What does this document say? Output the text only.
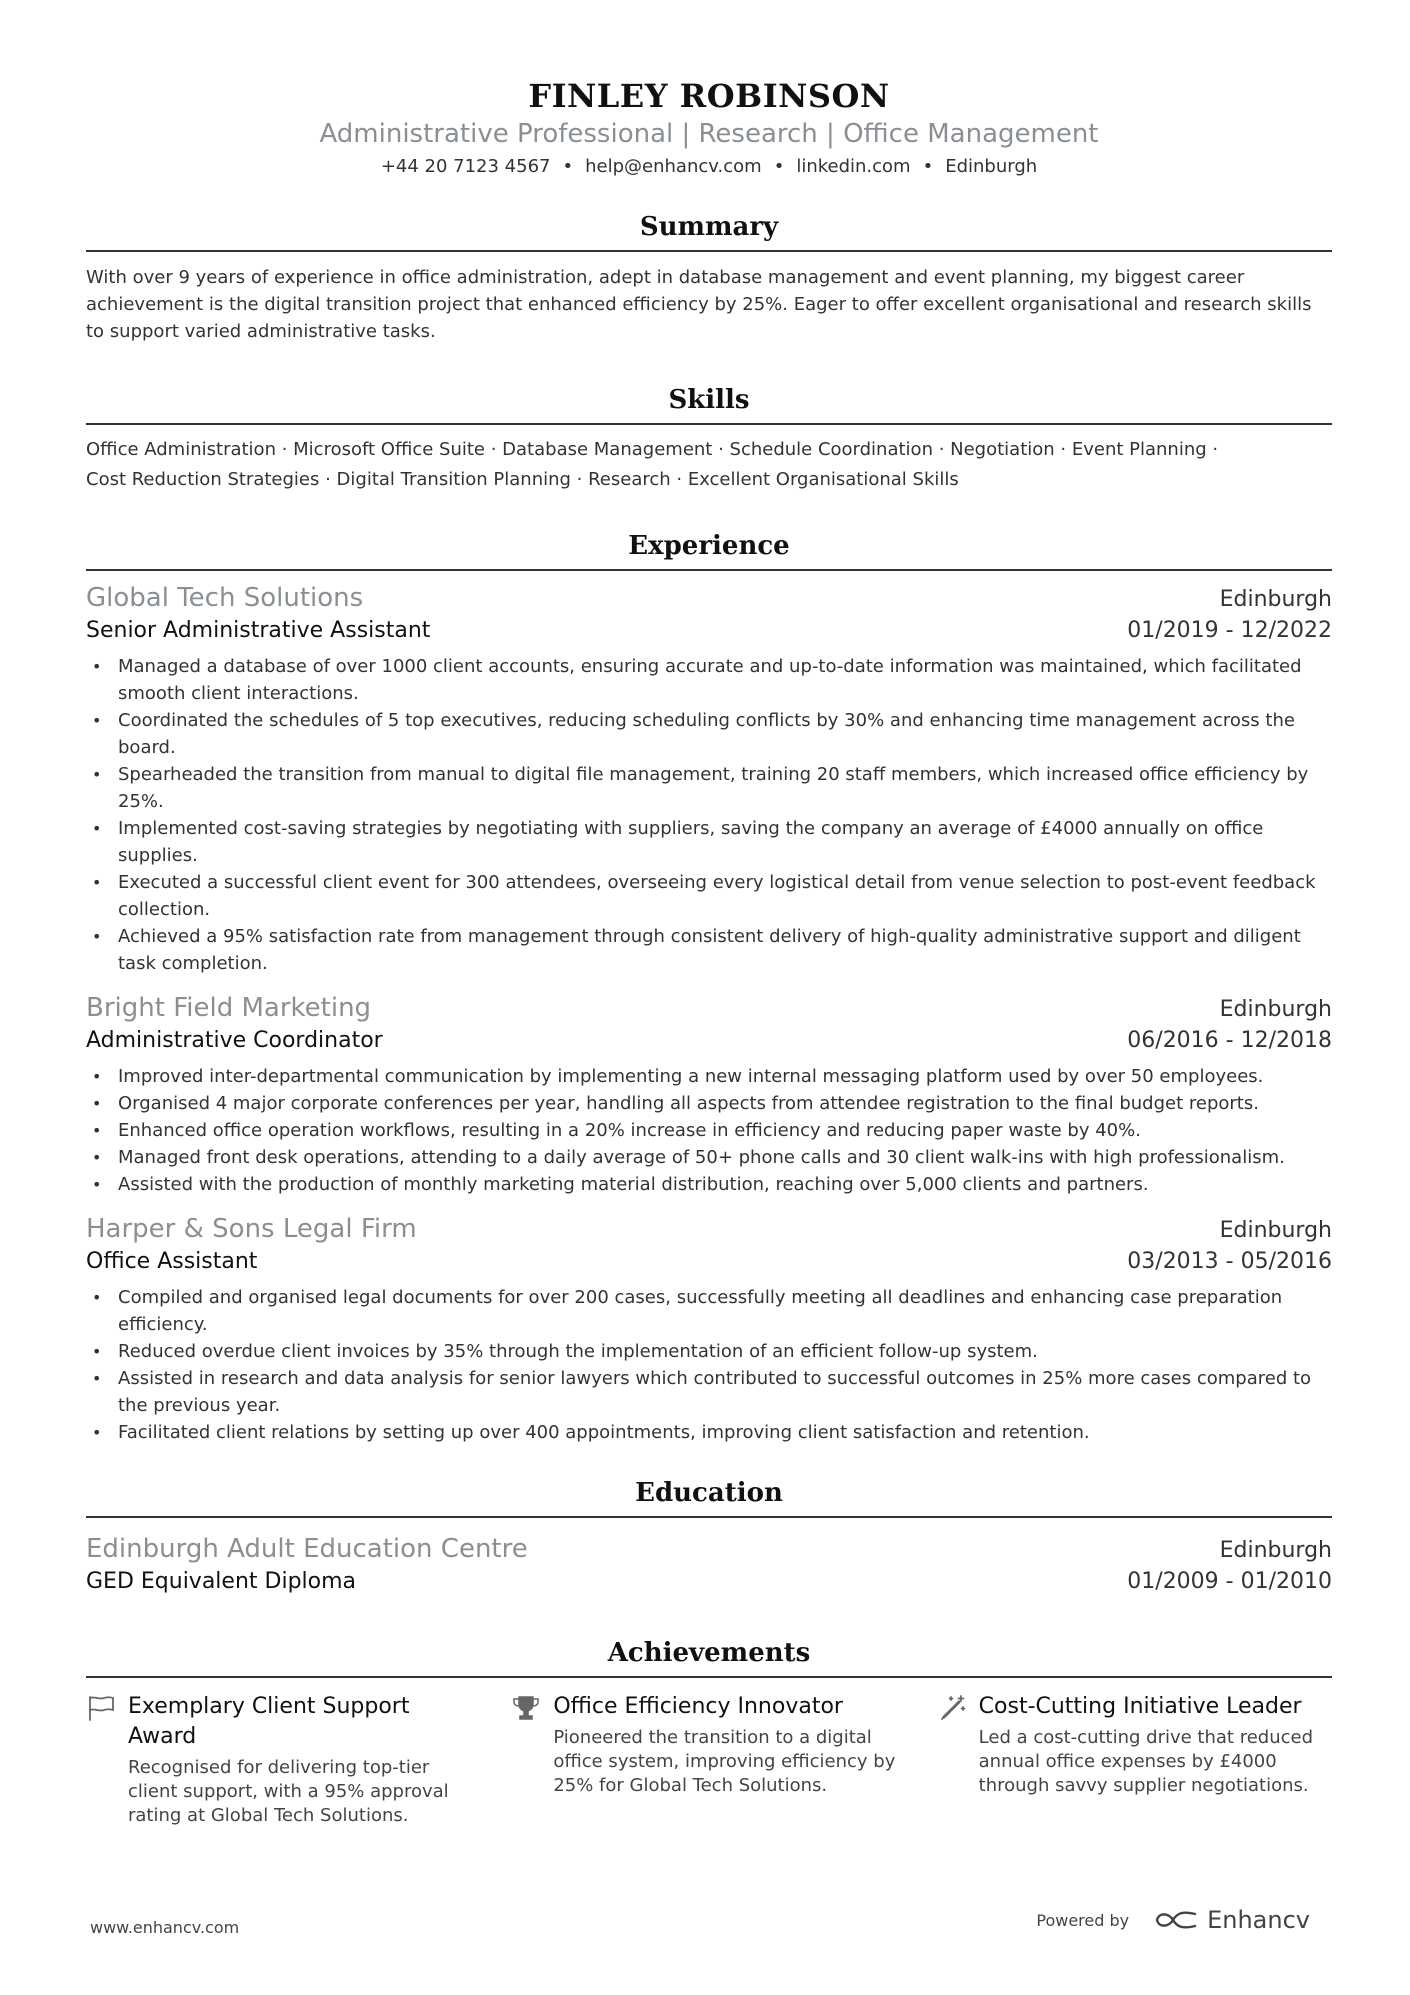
FINLEY ROBINSON
Administrative Professional | Research | Office Management
+44 20 7123 4567 • help@enhancv.com • linkedin.com • Edinburgh
Summary
With over 9 years of experience in office administration, adept in database management and event planning, my biggest career achievement is the digital transition project that enhanced efficiency by 25%. Eager to offer excellent organisational and research skills to support varied administrative tasks.
Skills
Office Administration · Microsoft Office Suite · Database Management · Schedule Coordination · Negotiation · Event Planning ·
Cost Reduction Strategies · Digital Transition Planning · Research · Excellent Organisational Skills
Experience
Global Tech Solutions	Edinburgh
Senior Administrative Assistant	01/2019 - 12/2022
• Managed a database of over 1000 client accounts, ensuring accurate and up-to-date information was maintained, which facilitated smooth client interactions.
• Coordinated the schedules of 5 top executives, reducing scheduling conflicts by 30% and enhancing time management across the board.
• Spearheaded the transition from manual to digital file management, training 20 staff members, which increased office efficiency by 25%.
• Implemented cost-saving strategies by negotiating with suppliers, saving the company an average of £4000 annually on office supplies.
• Executed a successful client event for 300 attendees, overseeing every logistical detail from venue selection to post-event feedback collection.
• Achieved a 95% satisfaction rate from management through consistent delivery of high-quality administrative support and diligent task completion.
Bright Field Marketing	Edinburgh
Administrative Coordinator	06/2016 - 12/2018
• Improved inter-departmental communication by implementing a new internal messaging platform used by over 50 employees.
• Organised 4 major corporate conferences per year, handling all aspects from attendee registration to the final budget reports.
• Enhanced office operation workflows, resulting in a 20% increase in efficiency and reducing paper waste by 40%.
• Managed front desk operations, attending to a daily average of 50+ phone calls and 30 client walk-ins with high professionalism.
• Assisted with the production of monthly marketing material distribution, reaching over 5,000 clients and partners.
Harper & Sons Legal Firm	Edinburgh
Office Assistant	03/2013 - 05/2016
• Compiled and organised legal documents for over 200 cases, successfully meeting all deadlines and enhancing case preparation efficiency.
• Reduced overdue client invoices by 35% through the implementation of an efficient follow-up system.
• Assisted in research and data analysis for senior lawyers which contributed to successful outcomes in 25% more cases compared to the previous year.
• Facilitated client relations by setting up over 400 appointments, improving client satisfaction and retention.
Education
Edinburgh Adult Education Centre	Edinburgh
GED Equivalent Diploma	01/2009 - 01/2010
Achievements
Exemplary Client Support Award
Recognised for delivering top-tier client support, with a 95% approval rating at Global Tech Solutions.
Office Efficiency Innovator
Pioneered the transition to a digital office system, improving efficiency by 25% for Global Tech Solutions.
Cost-Cutting Initiative Leader
Led a cost-cutting drive that reduced annual office expenses by £4000 through savvy supplier negotiations.
www.enhancv.com	Powered by	Enhancv
